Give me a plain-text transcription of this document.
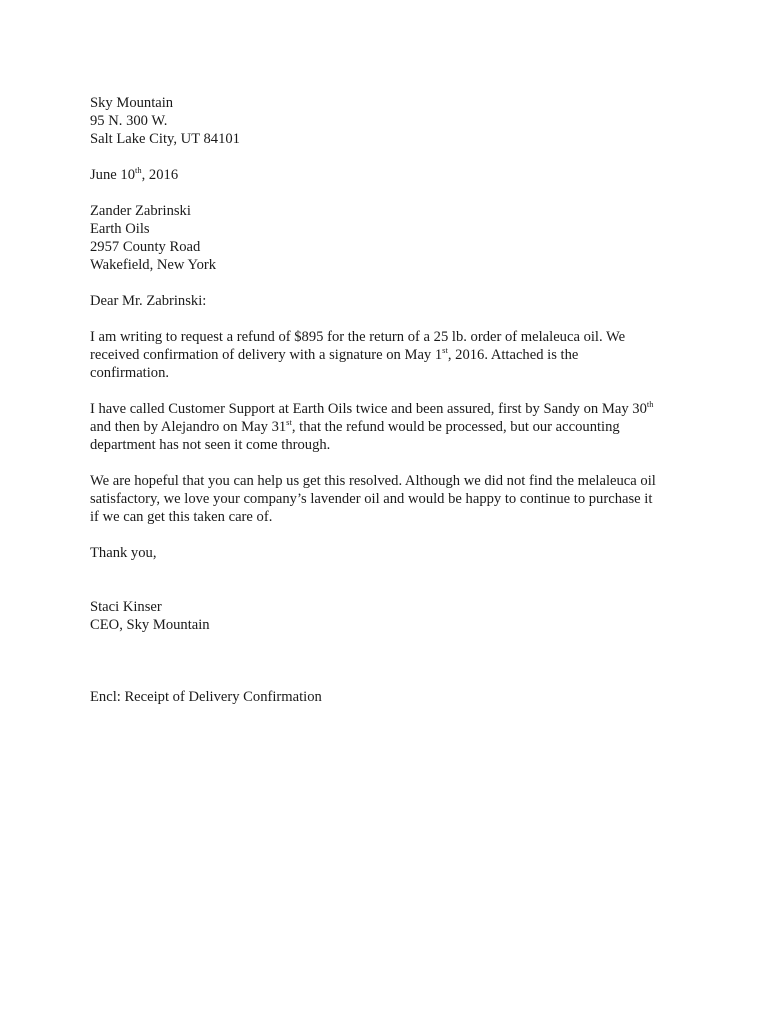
Sky Mountain
95 N. 300 W.
Salt Lake City, UT 84101
June 10th, 2016
Zander Zabrinski
Earth Oils
2957 County Road
Wakefield, New York
Dear Mr. Zabrinski:
I am writing to request a refund of $895 for the return of a 25 lb. order of melaleuca oil. We
received confirmation of delivery with a signature on May 1st, 2016. Attached is the
confirmation.
I have called Customer Support at Earth Oils twice and been assured, first by Sandy on May 30th
and then by Alejandro on May 31st, that the refund would be processed, but our accounting
department has not seen it come through.
We are hopeful that you can help us get this resolved. Although we did not find the melaleuca oil
satisfactory, we love your company’s lavender oil and would be happy to continue to purchase it
if we can get this taken care of.
Thank you,
Staci Kinser
CEO, Sky Mountain
Encl: Receipt of Delivery Confirmation
